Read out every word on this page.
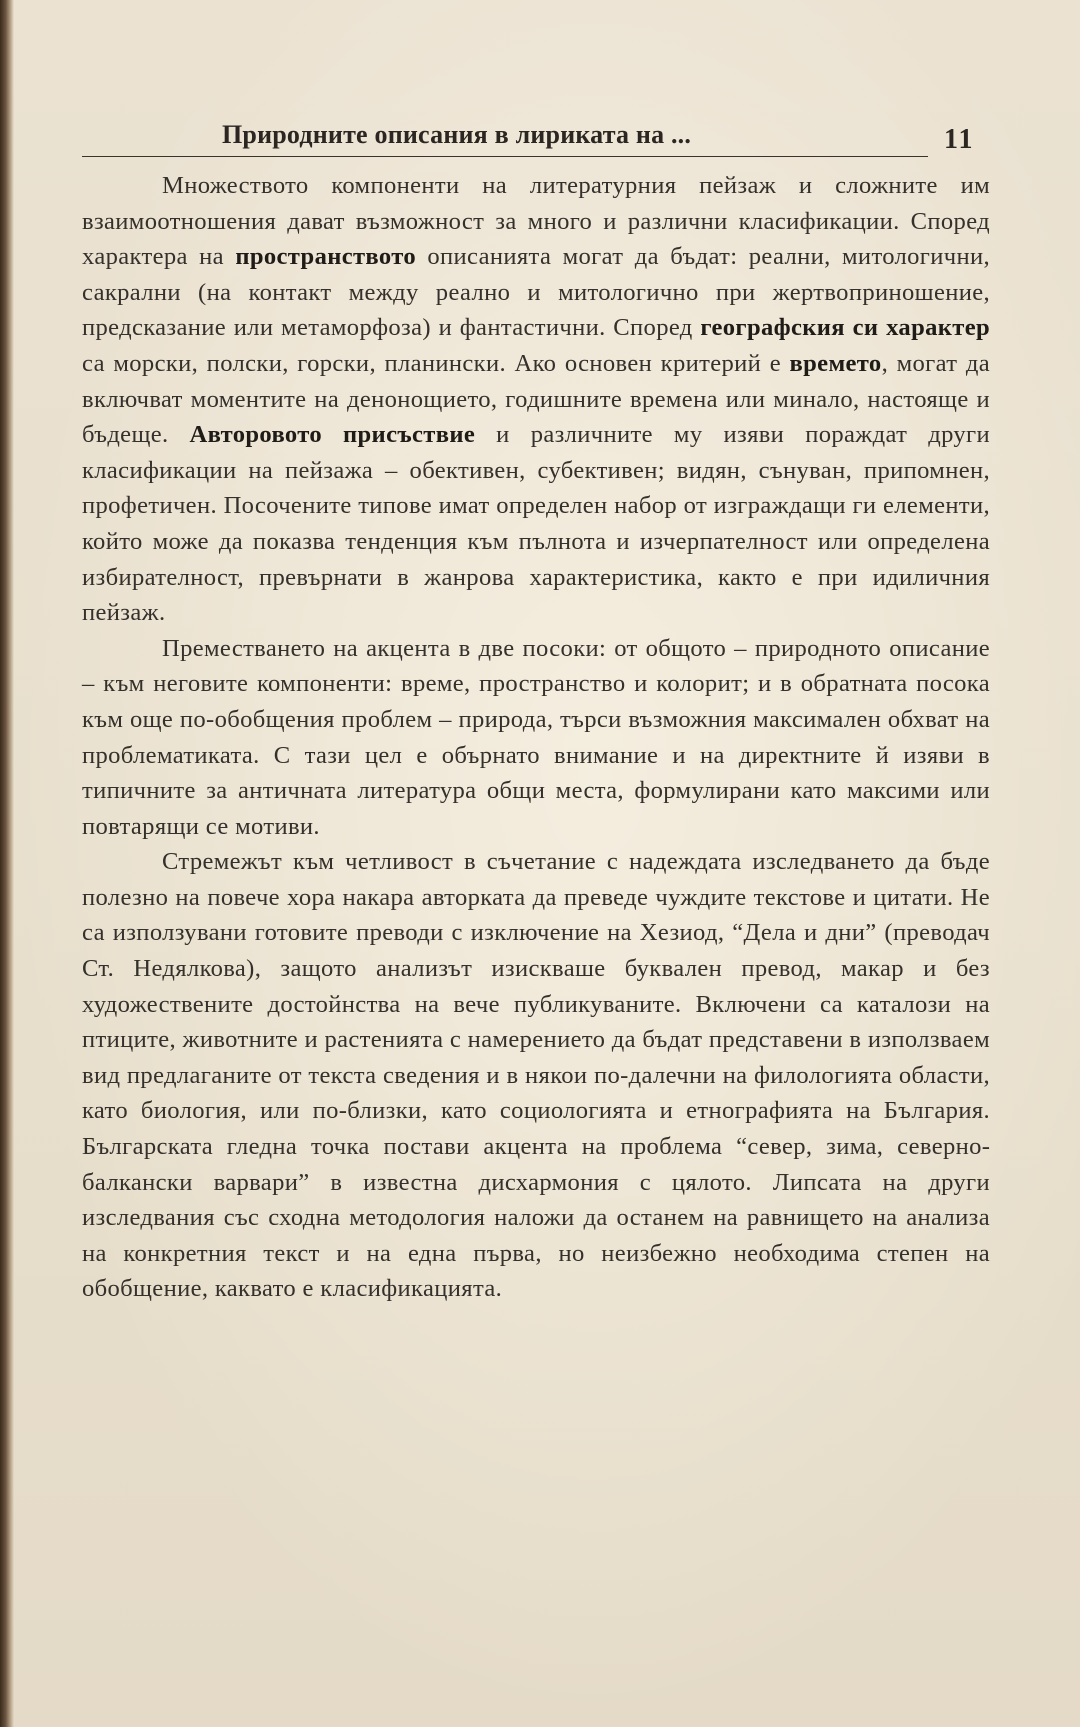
Природните описания в лириката на ...	11

Множеството компоненти на литературния пейзаж и сложните им взаимоотношения дават възможност за много и различни класификации. Според характера на пространството описанията могат да бъдат: реални, митологични, сакрални (на контакт между реално и митологично при жертвоприношение, предсказание или метаморфоза) и фантастични. Според географския си характер са морски, полски, горски, планински. Ако основен критерий е времето, могат да включват моментите на денонощието, годишните времена или минало, настояще и бъдеще. Авторовото присъствие и различните му изяви пораждат други класификации на пейзажа – обективен, субективен; видян, сънуван, припомнен, профетичен. Посочените типове имат определен набор от изграждащи ги елементи, който може да показва тенденция към пълнота и изчерпателност или определена избирателност, превърнати в жанрова характеристика, както е при идиличния пейзаж.

Преместването на акцента в две посоки: от общото – природното описание – към неговите компоненти: време, пространство и колорит; и в обратната посока към още по-обобщения проблем – природа, търси възможния максимален обхват на проблематиката. С тази цел е обърнато внимание и на директните й изяви в типичните за античната литература общи места, формулирани като максими или повтарящи се мотиви.

Стремежът към четливост в съчетание с надеждата изследването да бъде полезно на повече хора накара авторката да преведе чуждите текстове и цитати. Не са използувани готовите преводи с изключение на Хезиод, “Дела и дни” (преводач Ст. Недялкова), защото анализът изискваше буквален превод, макар и без художествените достойнства на вече публикуваните. Включени са каталози на птиците, животните и растенията с намерението да бъдат представени в използваем вид предлаганите от текста сведения и в някои по-далечни на филологията области, като биология, или по-близки, като социологията и етнографията на България. Българската гледна точка постави акцента на проблема “север, зима, севернобалкански варвари” в известна дисхармония с цялото. Липсата на други изследвания със сходна методология наложи да останем на равнището на анализа на конкретния текст и на една първа, но неизбежно необходима степен на обобщение, каквато е класификацията.
